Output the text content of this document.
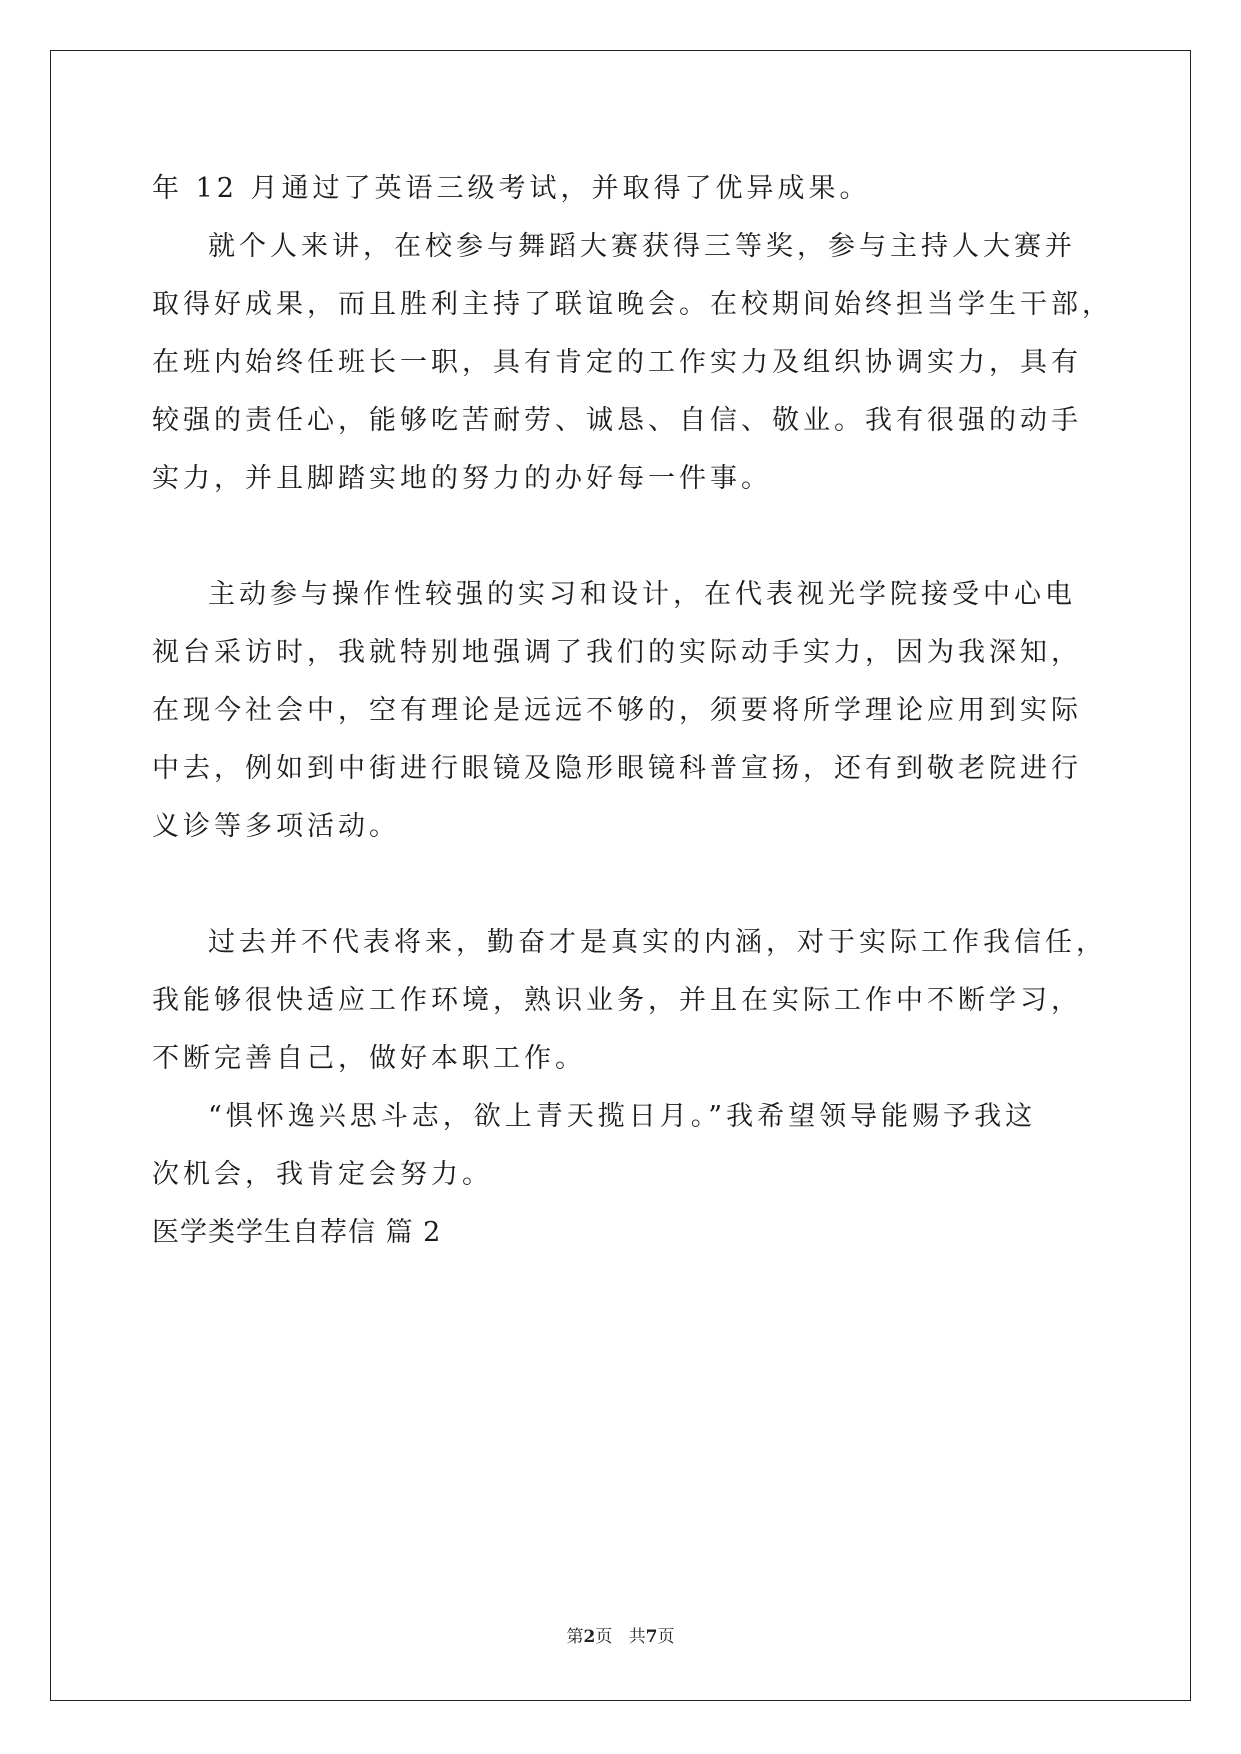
年 12 月通过了英语三级考试，并取得了优异成果。
就个人来讲，在校参与舞蹈大赛获得三等奖，参与主持人大赛并
取得好成果，而且胜利主持了联谊晚会。在校期间始终担当学生干部，
在班内始终任班长一职，具有肯定的工作实力及组织协调实力，具有
较强的责任心，能够吃苦耐劳、诚恳、自信、敬业。我有很强的动手
实力，并且脚踏实地的努力的办好每一件事。
主动参与操作性较强的实习和设计，在代表视光学院接受中心电
视台采访时，我就特别地强调了我们的实际动手实力，因为我深知，
在现今社会中，空有理论是远远不够的，须要将所学理论应用到实际
中去，例如到中街进行眼镜及隐形眼镜科普宣扬，还有到敬老院进行
义诊等多项活动。
过去并不代表将来，勤奋才是真实的内涵，对于实际工作我信任，
我能够很快适应工作环境，熟识业务，并且在实际工作中不断学习，
不断完善自己，做好本职工作。
“惧怀逸兴思斗志，欲上青天揽日月。”我希望领导能赐予我这
次机会，我肯定会努力。
医学类学生自荐信 篇 2
第2页   共7页
